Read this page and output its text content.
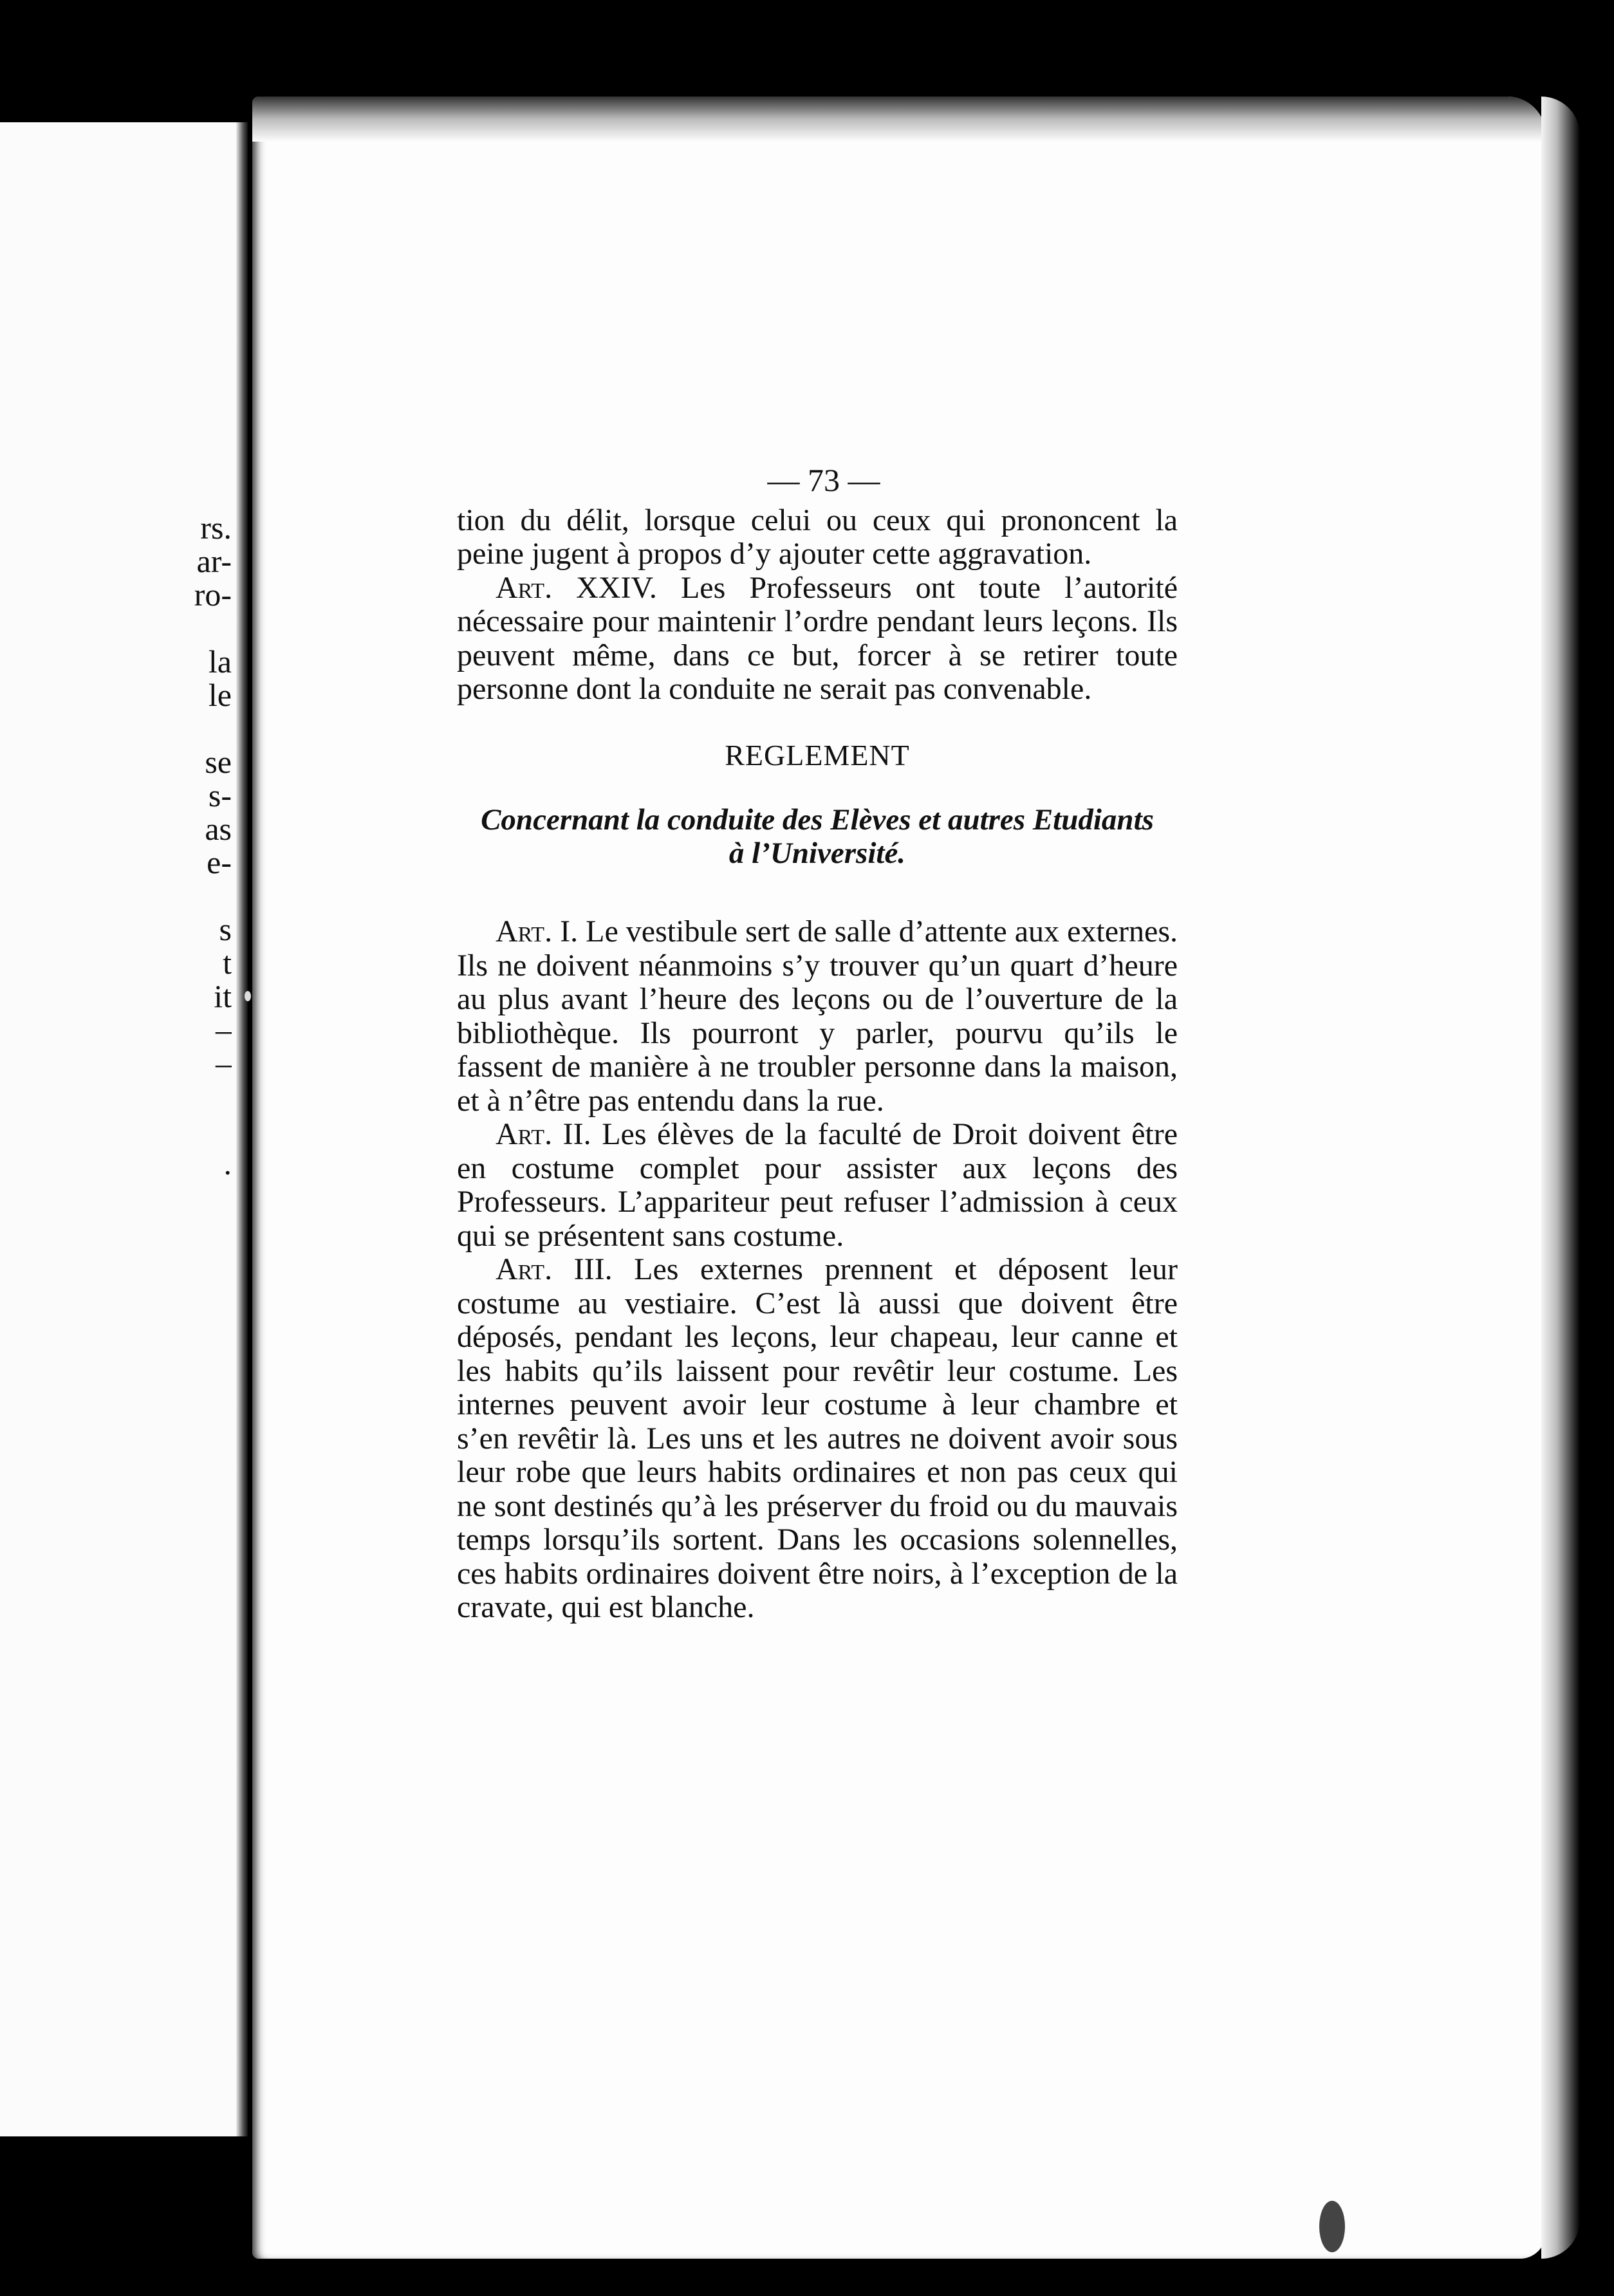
rs.
ar-
ro-
la
le
se
s-
as
e-
s
t
it
–
–
.
— 73 —

tion du délit, lorsque celui ou ceux qui prononcent la peine jugent à propos d’y ajouter cette aggravation.

Art. XXIV. Les Professeurs ont toute l’autorité nécessaire pour maintenir l’ordre pendant leurs leçons. Ils peuvent même, dans ce but, forcer à se retirer toute personne dont la conduite ne serait pas convenable.

REGLEMENT
Concernant la conduite des Elèves et autres Etudiants
à l’Université.

Art. I. Le vestibule sert de salle d’attente aux externes. Ils ne doivent néanmoins s’y trouver qu’un quart d’heure au plus avant l’heure des leçons ou de l’ouverture de la bibliothèque. Ils pourront y parler, pourvu qu’ils le fassent de manière à ne troubler personne dans la maison, et à n’être pas entendu dans la rue.

Art. II. Les élèves de la faculté de Droit doivent être en costume complet pour assister aux leçons des Professeurs. L’appariteur peut refuser l’admission à ceux qui se présentent sans costume.

Art. III. Les externes prennent et déposent leur costume au vestiaire. C’est là aussi que doivent être déposés, pendant les leçons, leur chapeau, leur canne et les habits qu’ils laissent pour revêtir leur costume. Les internes peuvent avoir leur costume à leur chambre et s’en revêtir là. Les uns et les autres ne doivent avoir sous leur robe que leurs habits ordinaires et non pas ceux qui ne sont destinés qu’à les préserver du froid ou du mauvais temps lorsqu’ils sortent. Dans les occasions solennelles, ces habits ordinaires doivent être noirs, à l’exception de la cravate, qui est blanche.
